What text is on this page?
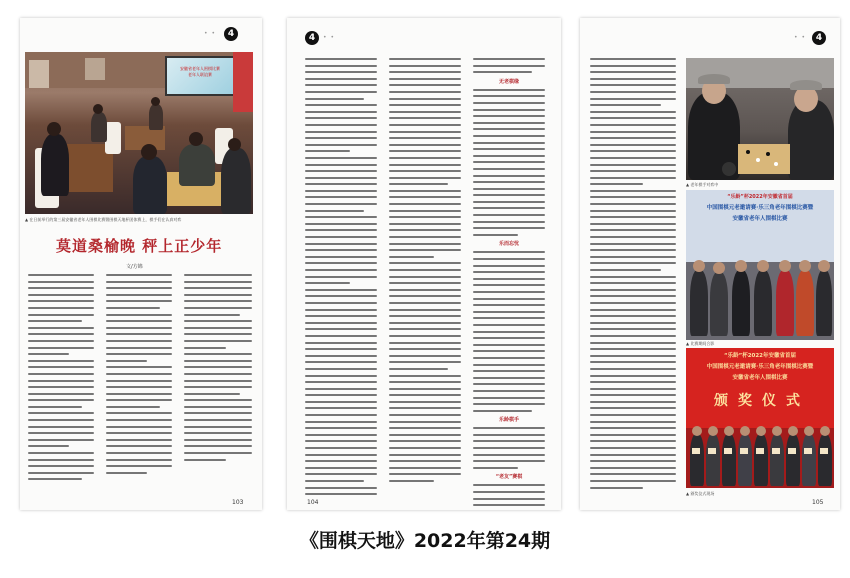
• •	4
安徽省老年人围棋比赛
老年人联谊赛
▲ 在日前举行的第三届安徽省老年人围棋比赛暨围棋天地杯团体赛上，棋手们在认真对弈
莫道桑榆晚 秤上正少年
文/方锦
103
4	• •
无老棋缘
乐而忘忧
乐龄棋手
“老友”赛棋
104
• •	4
▲ 老年棋手对弈中
“乐龄”杯2022年安徽省首届
中国围棋元老邀请赛·乐三角老年围棋比赛暨
安徽省老年人围棋比赛
▲ 比赛期间合影
“乐龄”杯2022年安徽省首届
中国围棋元老邀请赛·乐三角老年围棋比赛暨
安徽省老年人围棋比赛
颁奖仪式
▲ 颁奖仪式现场
105
《围棋天地》2022年第24期
